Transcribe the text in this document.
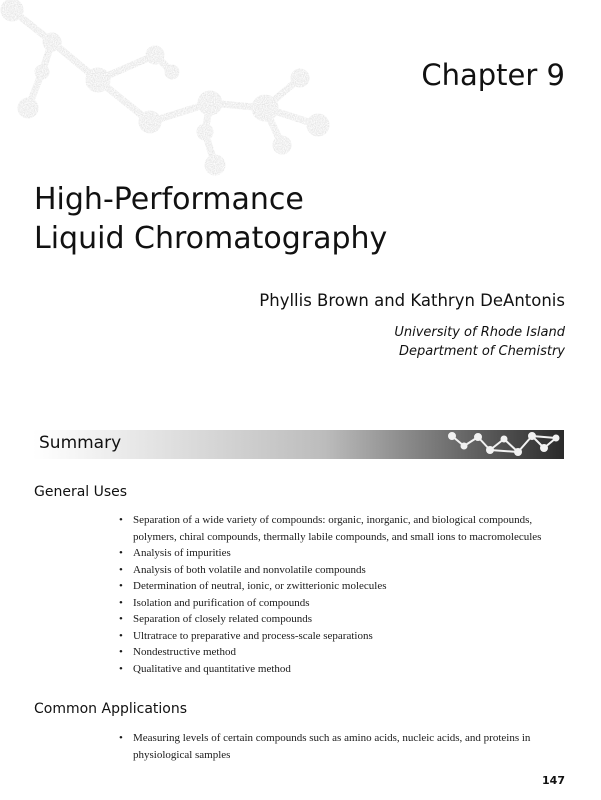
Chapter 9
High-Performance
Liquid Chromatography
Phyllis Brown and Kathryn DeAntonis
University of Rhode Island
Department of Chemistry
Summary
General Uses
• Separation of a wide variety of compounds: organic, inorganic, and biological compounds, polymers, chiral compounds, thermally labile compounds, and small ions to macromolecules
• Analysis of impurities
• Analysis of both volatile and nonvolatile compounds
• Determination of neutral, ionic, or zwitterionic molecules
• Isolation and purification of compounds
• Separation of closely related compounds
• Ultratrace to preparative and process-scale separations
• Nondestructive method
• Qualitative and quantitative method
Common Applications
• Measuring levels of certain compounds such as amino acids, nucleic acids, and proteins in physiological samples
147
